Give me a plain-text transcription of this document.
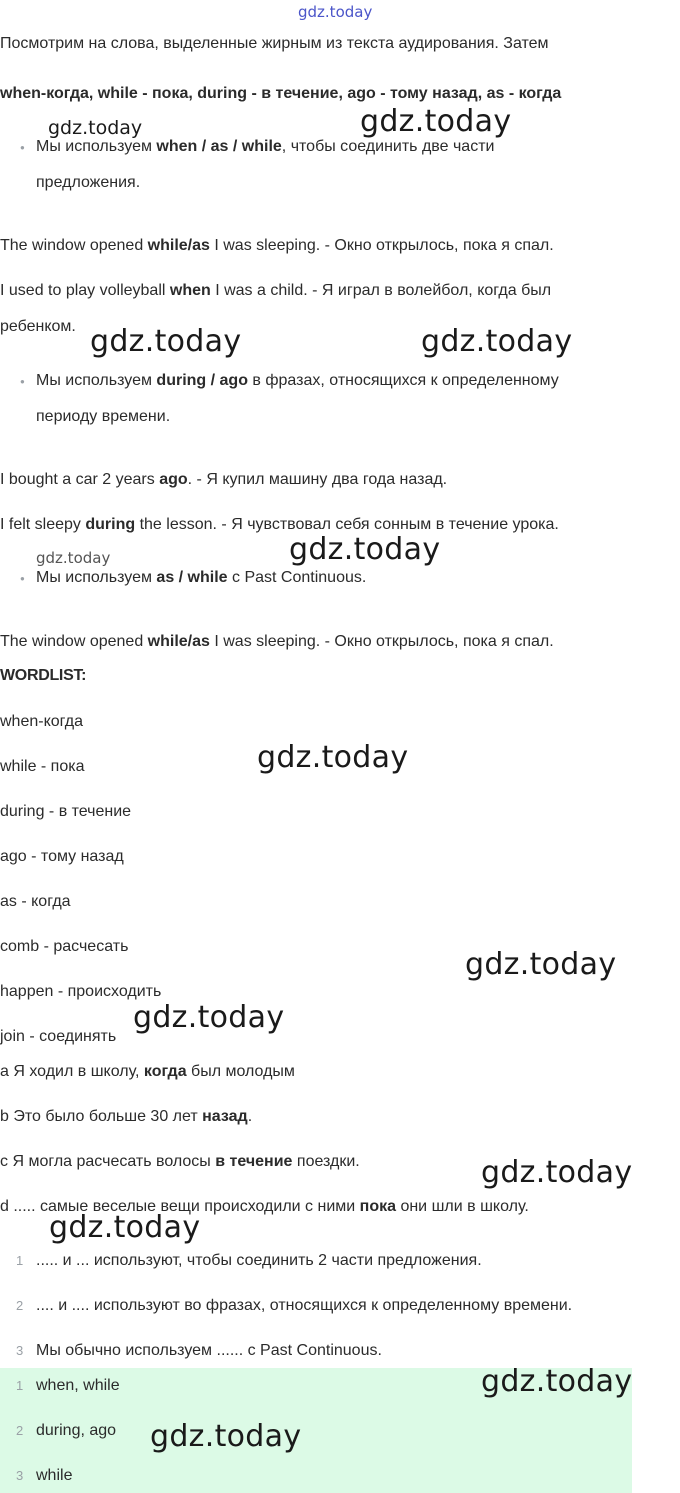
gdz.today
gdz.today	gdz.today
gdz.today	gdz.today
gdz.today	gdz.today
gdz.today
gdz.today
gdz.today
gdz.today
gdz.today
Посмотрим на слова, выделенные жирным из текста аудирования. Затем
when-когда, while - пока, during - в течение, ago - тому назад, as - когда
● Мы используем when / as / while, чтобы соединить две части
предложения.
The window opened while/as I was sleeping. - Окно открылось, пока я спал.
I used to play volleyball when I was a child. - Я играл в волейбол, когда был
ребенком.
● Мы используем during / ago в фразах, относящихся к определенному
периоду времени.
I bought a car 2 years ago. - Я купил машину два года назад.
I felt sleepy during the lesson. - Я чувствовал себя сонным в течение урока.
● Мы используем as / while с Past Continuous.
The window opened while/as I was sleeping. - Окно открылось, пока я спал.
WORDLIST:
when-когда
while - пока
during - в течение
ago - тому назад
as - когда
comb - расчесать
happen - происходить
join - соединять
a Я ходил в школу, когда был молодым
b Это было больше 30 лет назад.
c Я могла расчесать волосы в течение поездки.
d ..... самые веселые вещи происходили с ними пока они шли в школу.
1 ..... и ... используют, чтобы соединить 2 части предложения.
2 .... и .... используют во фразах, относящихся к определенному времени.
3 Мы обычно используем ...... с Past Continuous.
1 when, while
2 during, ago
3 while
gdz.today
gdz.today
